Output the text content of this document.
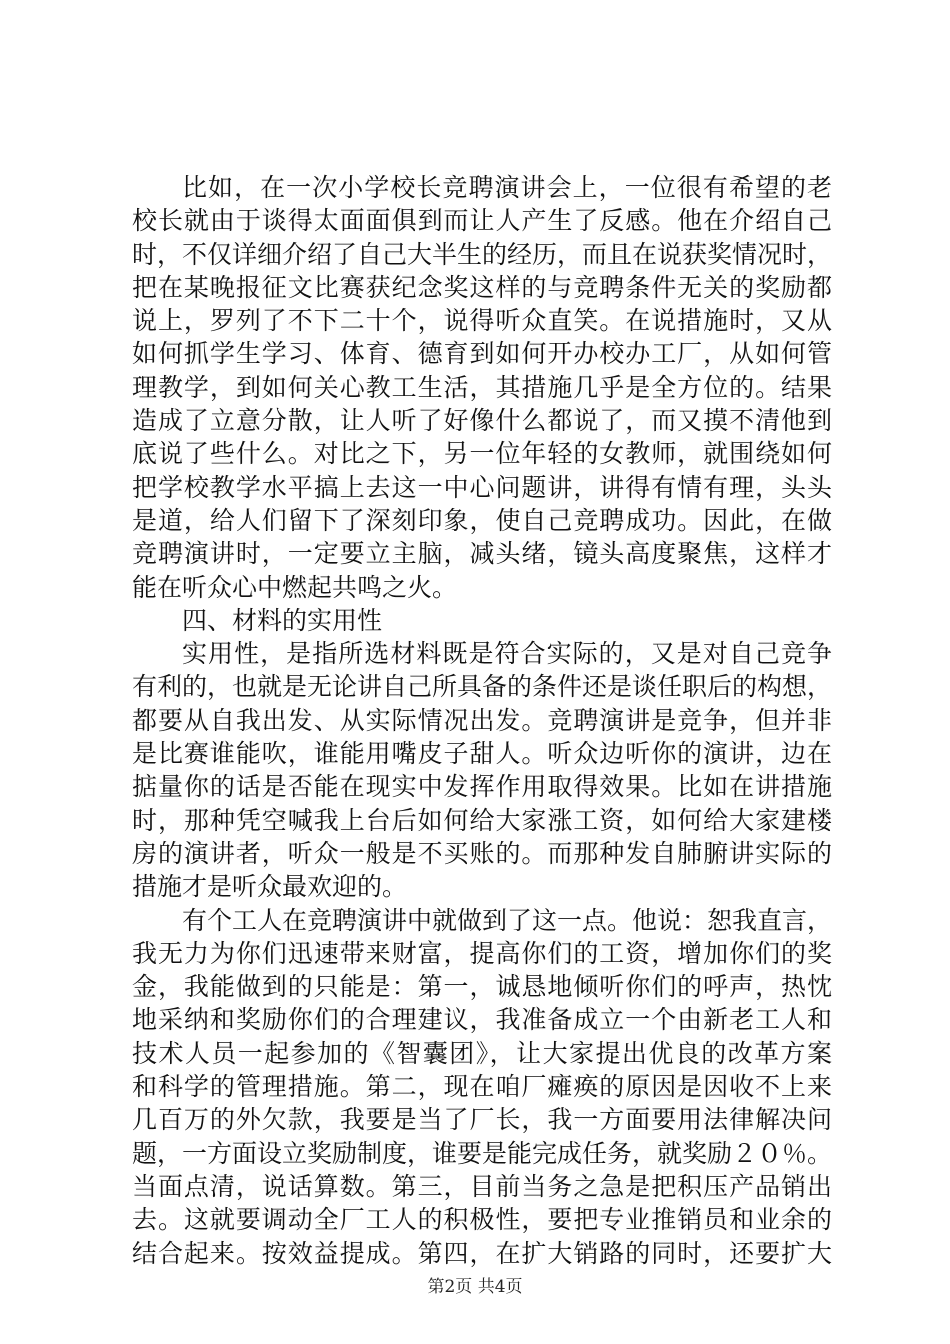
比如，在一次小学校长竞聘演讲会上，一位很有希望的老
校长就由于谈得太面面俱到而让人产生了反感。他在介绍自己
时，不仅详细介绍了自己大半生的经历，而且在说获奖情况时，
把在某晚报征文比赛获纪念奖这样的与竞聘条件无关的奖励都
说上，罗列了不下二十个，说得听众直笑。在说措施时，又从
如何抓学生学习、体育、德育到如何开办校办工厂，从如何管
理教学，到如何关心教工生活，其措施几乎是全方位的。结果
造成了立意分散，让人听了好像什么都说了，而又摸不清他到
底说了些什么。对比之下，另一位年轻的女教师，就围绕如何
把学校教学水平搞上去这一中心问题讲，讲得有情有理，头头
是道，给人们留下了深刻印象，使自己竞聘成功。因此，在做
竞聘演讲时，一定要立主脑，减头绪，镜头高度聚焦，这样才
能在听众心中燃起共鸣之火。
四、材料的实用性
实用性，是指所选材料既是符合实际的，又是对自己竞争
有利的，也就是无论讲自己所具备的条件还是谈任职后的构想，
都要从自我出发、从实际情况出发。竞聘演讲是竞争，但并非
是比赛谁能吹，谁能用嘴皮子甜人。听众边听你的演讲，边在
掂量你的话是否能在现实中发挥作用取得效果。比如在讲措施
时，那种凭空喊我上台后如何给大家涨工资，如何给大家建楼
房的演讲者，听众一般是不买账的。而那种发自肺腑讲实际的
措施才是听众最欢迎的。
有个工人在竞聘演讲中就做到了这一点。他说：恕我直言，
我无力为你们迅速带来财富，提高你们的工资，增加你们的奖
金，我能做到的只能是：第一，诚恳地倾听你们的呼声，热忱
地采纳和奖励你们的合理建议，我准备成立一个由新老工人和
技术人员一起参加的《智囊团》，让大家提出优良的改革方案
和科学的管理措施。第二，现在咱厂瘫痪的原因是因收不上来
几百万的外欠款，我要是当了厂长，我一方面要用法律解决问
题，一方面设立奖励制度，谁要是能完成任务，就奖励２０％。
当面点清，说话算数。第三，目前当务之急是把积压产品销出
去。这就要调动全厂工人的积极性，要把专业推销员和业余的
结合起来。按效益提成。第四，在扩大销路的同时，还要扩大
第2页 共4页
